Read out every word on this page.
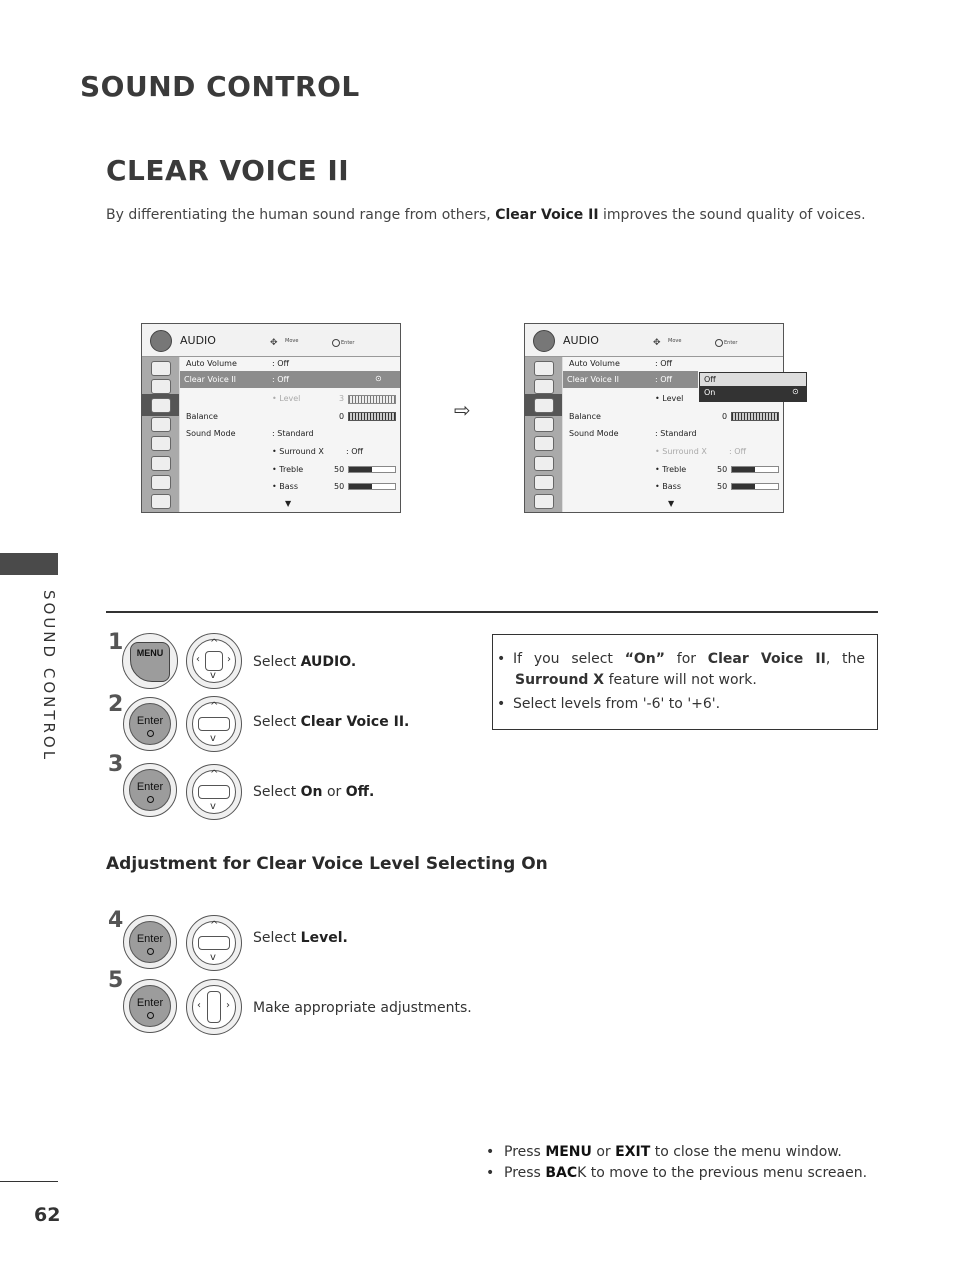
SOUND CONTROL
CLEAR VOICE II
By differentiating the human sound range from others, Clear Voice II improves the sound quality of voices.
SOUND CONTROL
AUDIO	✥ Move	Enter
Auto Volume	: Off
Clear Voice II	: Off	⊙
• Level	3
Balance	0
Sound Mode	: Standard
• Surround X	: Off
• Treble	50
• Bass	50
▼
⇨
AUDIO	✥ Move	Enter
Auto Volume	: Off
Clear Voice II	: Off
• Level
Balance	0
Sound Mode	: Standard
• Surround X	: Off
• Treble	50
• Bass	50
▼
Off
On	⊙
1	MENU
^
v
‹	› Select AUDIO.
2
Enter
^
v
Select Clear Voice II.
3
Enter
^
v
Select On or Off.
• If you select “On” for Clear Voice II, the
Surround X feature will not work.
• Select levels from '-6' to '+6'.
Adjustment for Clear Voice Level Selecting On
4
Enter
^
v
Select Level.
5
Enter	‹	› Make appropriate adjustments.
• Press MENU or EXIT to close the menu window.
• Press BACK to move to the previous menu screaen.
62
